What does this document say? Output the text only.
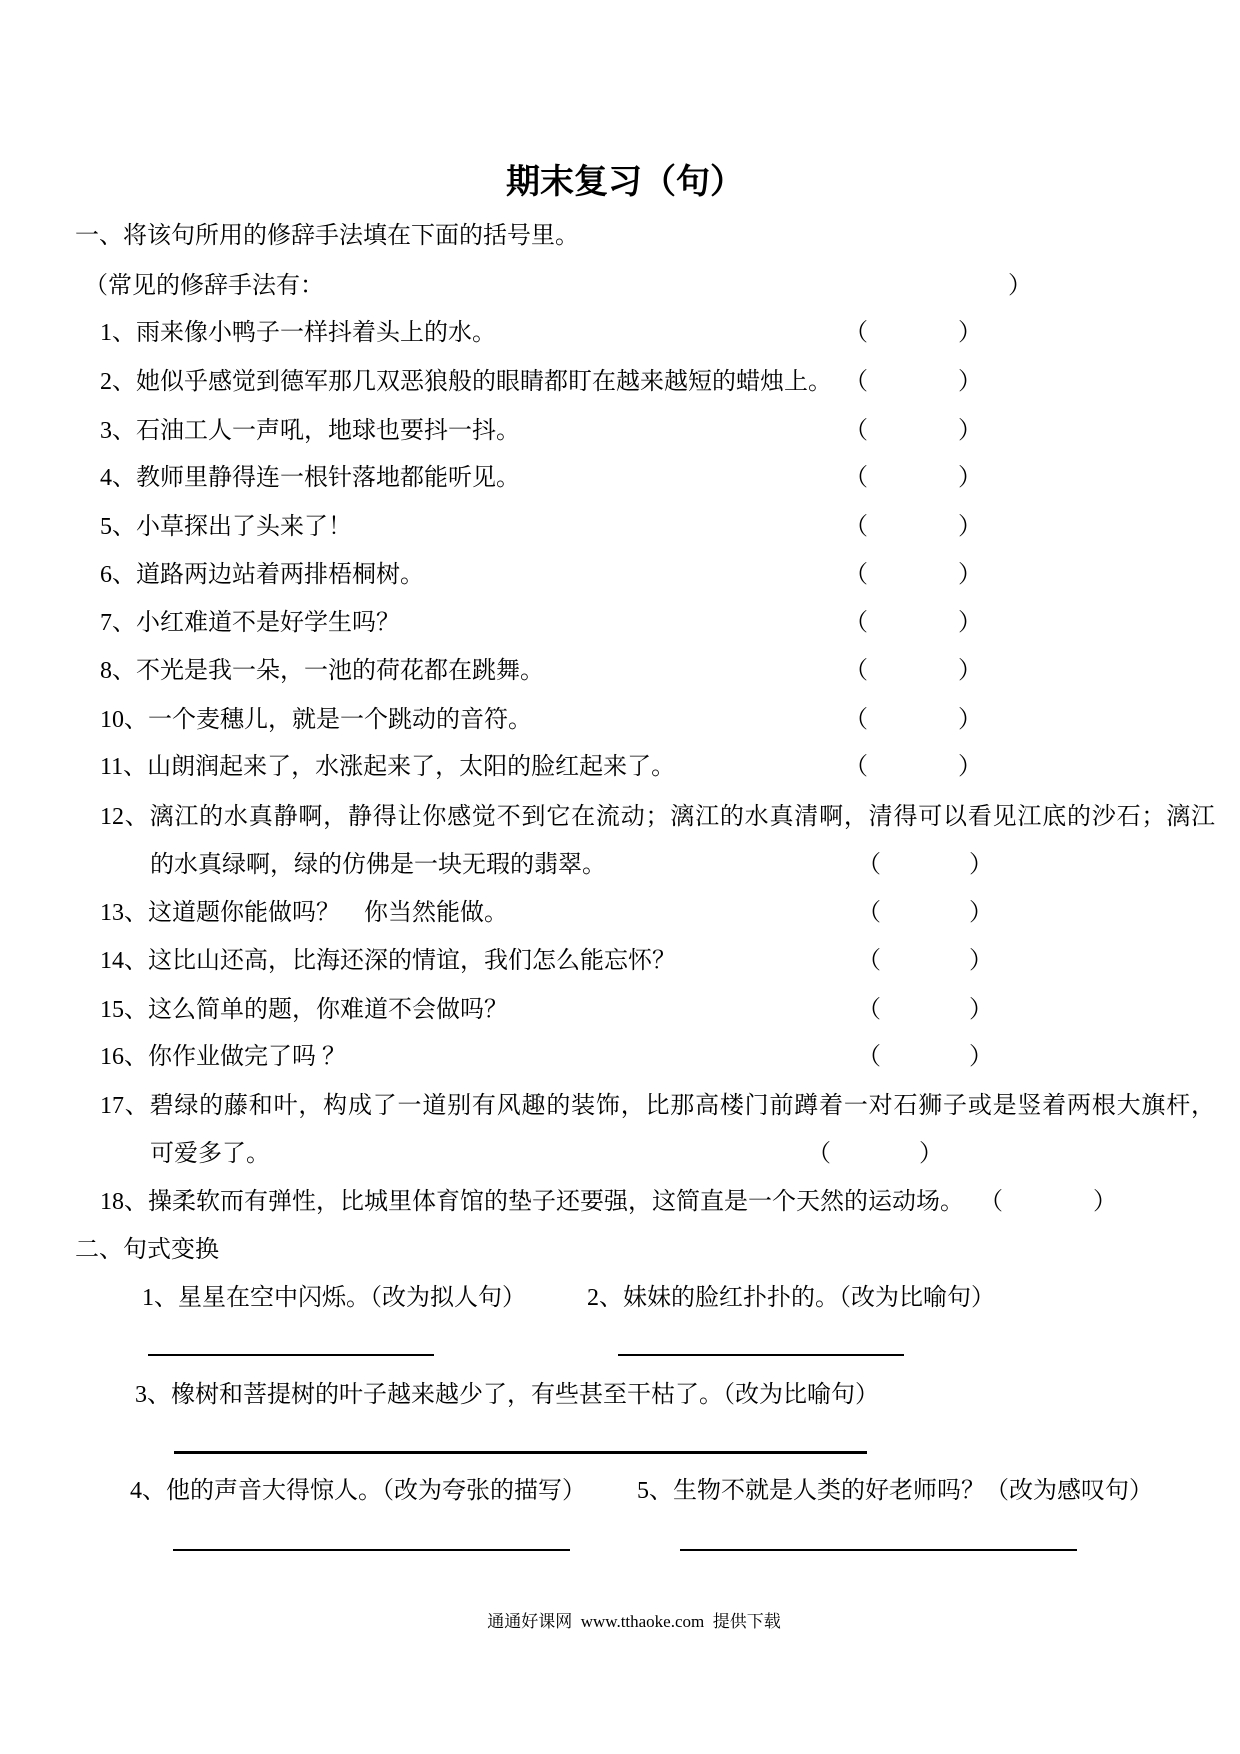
期末复习（句）
一、将该句所用的修辞手法填在下面的括号里。
（常见的修辞手法有：	）
1、雨来像小鸭子一样抖着头上的水。	（	）
2、她似乎感觉到德军那几双恶狼般的眼睛都盯在越来越短的蜡烛上。 （	）
3、石油工人一声吼，地球也要抖一抖。	（	）
4、教师里静得连一根针落地都能听见。	（	）
5、小草探出了头来了！	（	）
6、道路两边站着两排梧桐树。	（	）
7、小红难道不是好学生吗？	（	）
8、不光是我一朵，一池的荷花都在跳舞。	（	）
10、一个麦穗儿，就是一个跳动的音符。	（	）
11、山朗润起来了，水涨起来了，太阳的脸红起来了。	（	）
12、漓江的水真静啊，静得让你感觉不到它在流动；漓江的水真清啊，清得可以看见江底的沙石；漓江
的水真绿啊，绿的仿佛是一块无瑕的翡翠。	（	）
13、这道题你能做吗？    你当然能做。	（	）
14、这比山还高，比海还深的情谊，我们怎么能忘怀？	（	）
15、这么简单的题，你难道不会做吗？	（	）
16、你作业做完了吗 ？	（	）
17、碧绿的藤和叶，构成了一道别有风趣的装饰，比那高楼门前蹲着一对石狮子或是竖着两根大旗杆，
可爱多了。	（	）
18、操柔软而有弹性，比城里体育馆的垫子还要强，这简直是一个天然的运动场。 （	）
二、句式变换
1、星星在空中闪烁。（改为拟人句）	2、妹妹的脸红扑扑的。（改为比喻句）
3、橡树和菩提树的叶子越来越少了，有些甚至干枯了。（改为比喻句）
4、他的声音大得惊人。（改为夸张的描写） 5、生物不就是人类的好老师吗？（改为感叹句）
通通好课网  www.tthaoke.com  提供下载
